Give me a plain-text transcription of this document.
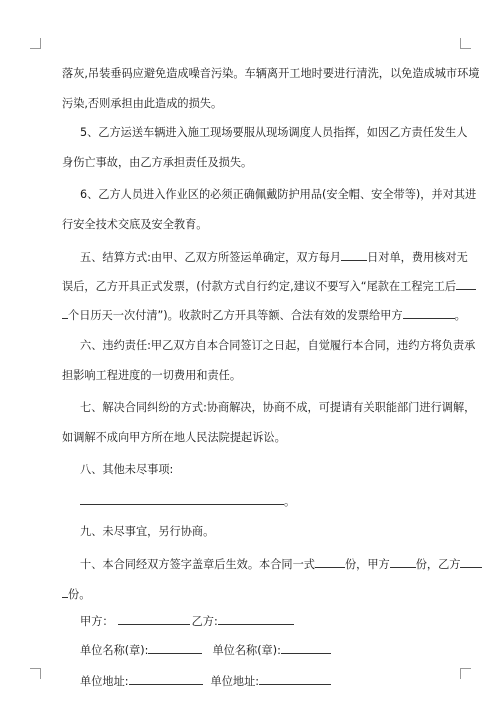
落灰,吊装垂码应避免造成噪音污染。车辆离开工地时要进行清洗，以免造成城市环境
污染,否则承担由此造成的损失。
5、乙方运送车辆进入施工现场要服从现场调度人员指挥，如因乙方责任发生人
身伤亡事故，由乙方承担责任及损失。
6、乙方人员进入作业区的必须正确佩戴防护用品(安全帽、安全带等)，并对其进
行安全技术交底及安全教育。
五、结算方式:由甲、乙双方所签运单确定，双方每月 日对单，费用核对无
误后，乙方开具正式发票，(付款方式自行约定,建议不要写入“尾款在工程完工后
个日历天一次付清”)。收款时乙方开具等额、合法有效的发票给甲方	。
六、违约责任:甲乙双方自本合同签订之日起，自觉履行本合同，违约方将负责承
担影响工程进度的一切费用和责任。
七、解决合同纠纷的方式:协商解决，协商不成，可提请有关职能部门进行调解，
如调解不成向甲方所在地人民法院提起诉讼。
八、其他未尽事项:
。
九、未尽事宜，另行协商。
十、本合同经双方签字盖章后生效。本合同一式	份，甲方 份，乙方
份。
甲方：	乙方:
单位名称(章):	单位名称(章):
单位地址:	单位地址:
